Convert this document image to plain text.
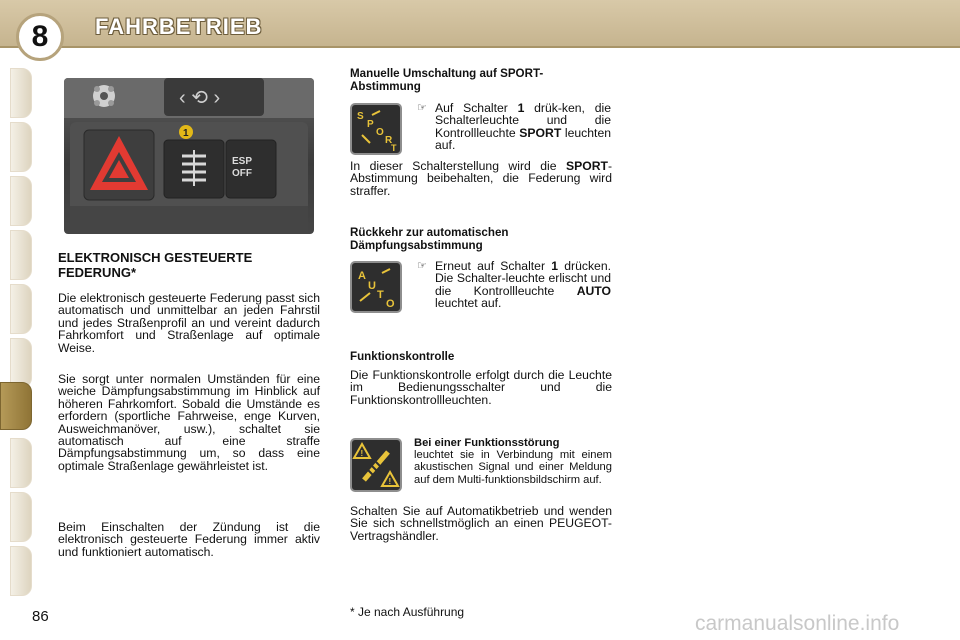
8	FAHRBETRIEB
‹ ⟲ ›
1
ESP
OFF
ELEKTRONISCH GESTEUERTE FEDERUNG*
Die elektronisch gesteuerte Federung passt sich automatisch und unmittelbar an jeden Fahrstil und jedes Straßenprofil an und vereint dadurch Fahrkomfort und Straßenlage auf optimale Weise.
Sie sorgt unter normalen Umständen für eine weiche Dämpfungsabstimmung im Hinblick auf höheren Fahrkomfort. Sobald die Umstände es erfordern (sportliche Fahrweise, enge Kurven, Ausweichmanöver, usw.), schaltet sie automatisch auf eine straffe Dämpfungsabstimmung um, so dass eine optimale Straßenlage gewährleistet ist.
Beim Einschalten der Zündung ist die elektronisch gesteuerte Federung immer aktiv und funktioniert automatisch.
Manuelle Umschaltung auf SPORT-Abstimmung
S
P
O
R
T
☞ Auf Schalter 1 drük-ken, die Schalterleuchte und die Kontrollleuchte SPORT leuchten auf.
In dieser Schalterstellung wird die SPORT-Abstimmung beibehalten, die Federung wird straffer.
Rückkehr zur automatischen Dämpfungsabstimmung
A
U
T
O
☞ Erneut auf Schalter 1 drücken. Die Schalter-leuchte erlischt und die Kontrollleuchte AUTO leuchtet auf.
Funktionskontrolle
Die Funktionskontrolle erfolgt durch die Leuchte im Bedienungsschalter und die Funktionskontrollleuchten.
!
!
Bei einer Funktionsstörung
leuchtet sie in Verbindung mit einem akustischen Signal und einer Meldung auf dem Multi-funktionsbildschirm auf.
Schalten Sie auf Automatikbetrieb und wenden Sie sich schnellstmöglich an einen PEUGEOT-Vertragshändler.
* Je nach Ausführung
86	carmanualsonline.info
